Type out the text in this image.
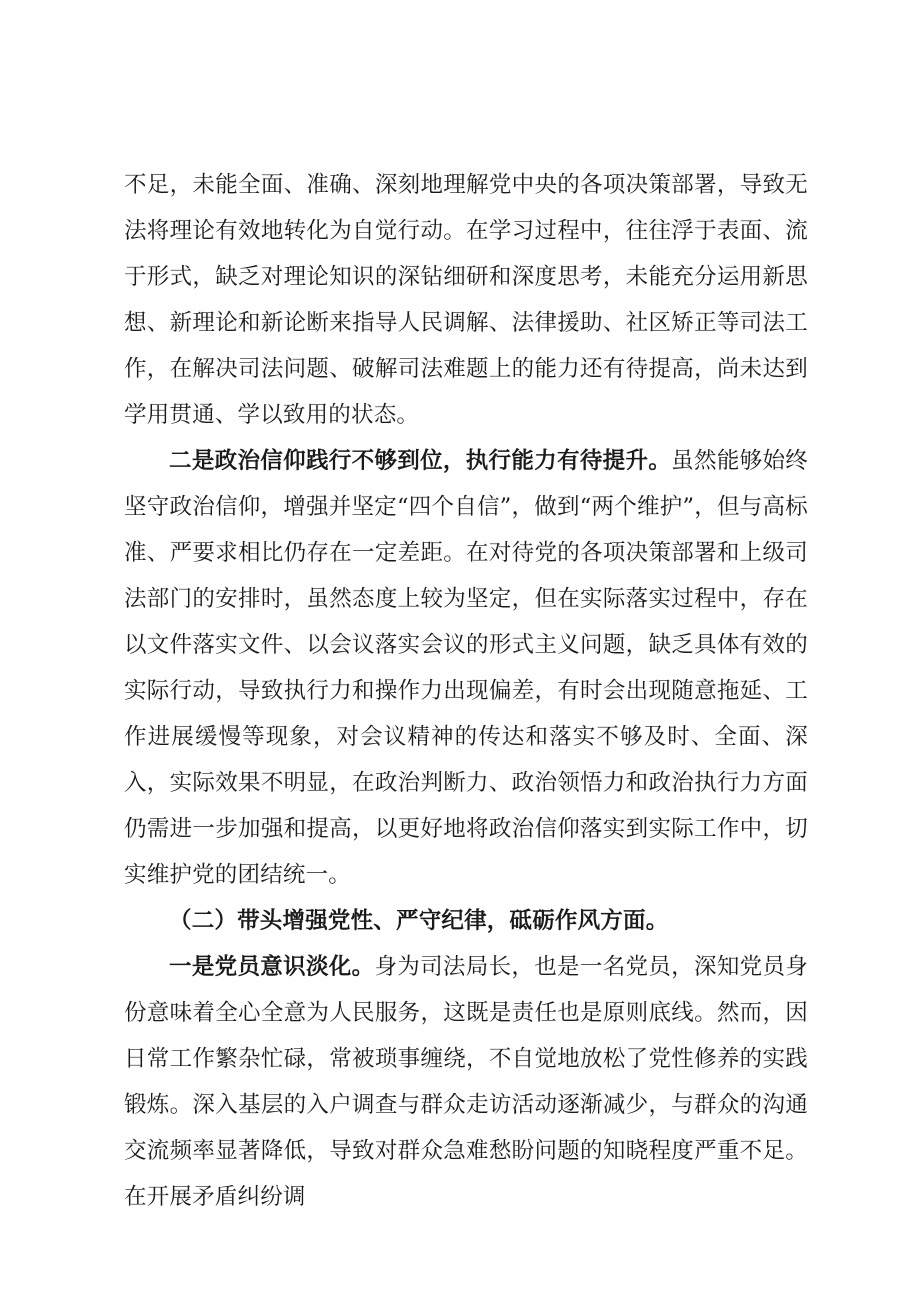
不足，未能全面、准确、深刻地理解党中央的各项决策部署，导致无法将理论有效地转化为自觉行动。在学习过程中，往往浮于表面、流于形式，缺乏对理论知识的深钻细研和深度思考，未能充分运用新思想、新理论和新论断来指导人民调解、法律援助、社区矫正等司法工作，在解决司法问题、破解司法难题上的能力还有待提高，尚未达到学用贯通、学以致用的状态。

二是政治信仰践行不够到位，执行能力有待提升。虽然能够始终坚守政治信仰，增强并坚定“四个自信”，做到“两个维护”，但与高标准、严要求相比仍存在一定差距。在对待党的各项决策部署和上级司法部门的安排时，虽然态度上较为坚定，但在实际落实过程中，存在以文件落实文件、以会议落实会议的形式主义问题，缺乏具体有效的实际行动，导致执行力和操作力出现偏差，有时会出现随意拖延、工作进展缓慢等现象，对会议精神的传达和落实不够及时、全面、深入，实际效果不明显，在政治判断力、政治领悟力和政治执行力方面仍需进一步加强和提高，以更好地将政治信仰落实到实际工作中，切实维护党的团结统一。

（二）带头增强党性、严守纪律，砥砺作风方面。

一是党员意识淡化。身为司法局长，也是一名党员，深知党员身份意味着全心全意为人民服务，这既是责任也是原则底线。然而，因日常工作繁杂忙碌，常被琐事缠绕，不自觉地放松了党性修养的实践锻炼。深入基层的入户调查与群众走访活动逐渐减少，与群众的沟通交流频率显著降低，导致对群众急难愁盼问题的知晓程度严重不足。在开展矛盾纠纷调
